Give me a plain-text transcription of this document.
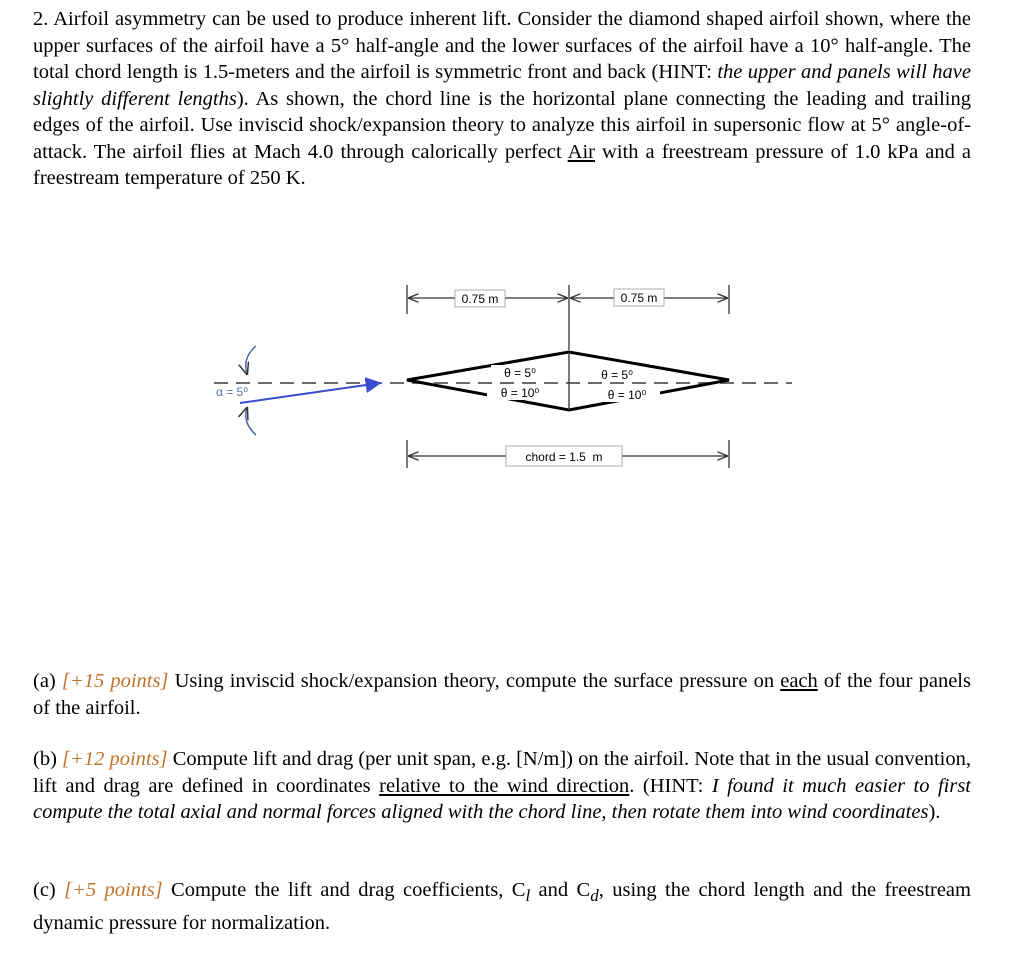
2. Airfoil asymmetry can be used to produce inherent lift. Consider the diamond shaped airfoil shown, where the upper surfaces of the airfoil have a 5° half-angle and the lower surfaces of the airfoil have a 10° half-angle. The total chord length is 1.5-meters and the airfoil is symmetric front and back (HINT: the upper and panels will have slightly different lengths). As shown, the chord line is the horizontal plane connecting the leading and trailing edges of the airfoil. Use inviscid shock/expansion theory to analyze this airfoil in supersonic flow at 5° angle-of-attack. The airfoil flies at Mach 4.0 through calorically perfect Air with a freestream pressure of 1.0 kPa and a freestream temperature of 250 K.

0.75 m	0.75 m
θ = 5⁰
θ = 10⁰
θ = 5⁰
θ = 10⁰
α = 5⁰
chord = 1.5  m

(a) [+15 points] Using inviscid shock/expansion theory, compute the surface pressure on each of the four panels of the airfoil.

(b) [+12 points] Compute lift and drag (per unit span, e.g. [N/m]) on the airfoil. Note that in the usual convention, lift and drag are defined in coordinates relative to the wind direction. (HINT: I found it much easier to first compute the total axial and normal forces aligned with the chord line, then rotate them into wind coordinates).

(c) [+5 points] Compute the lift and drag coefficients, $C_l$ and $C_d$, using the chord length and the freestream dynamic pressure for normalization.
